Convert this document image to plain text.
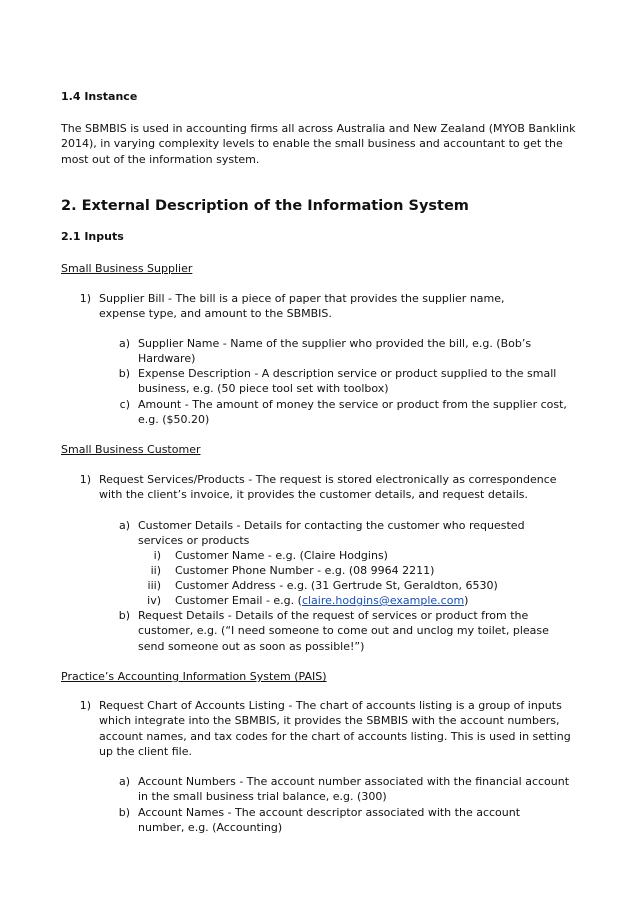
1.4 Instance

The SBMBIS is used in accounting firms all across Australia and New Zealand (MYOB Banklink 2014), in varying complexity levels to enable the small business and accountant to get the most out of the information system.

2. External Description of the Information System

2.1 Inputs

Small Business Supplier

1) Supplier Bill - The bill is a piece of paper that provides the supplier name, expense type, and amount to the SBMBIS.
a) Supplier Name - Name of the supplier who provided the bill, e.g. (Bob’s Hardware)
b) Expense Description - A description service or product supplied to the small business, e.g. (50 piece tool set with toolbox)
c) Amount - The amount of money the service or product from the supplier cost, e.g. ($50.20)

Small Business Customer

1) Request Services/Products - The request is stored electronically as correspondence with the client’s invoice, it provides the customer details, and request details.
a) Customer Details - Details for contacting the customer who requested services or products
i) Customer Name - e.g. (Claire Hodgins)
ii) Customer Phone Number - e.g. (08 9964 2211)
iii) Customer Address - e.g. (31 Gertrude St, Geraldton, 6530)
iv) Customer Email - e.g. (claire.hodgins@example.com)
b) Request Details - Details of the request of services or product from the customer, e.g. (“I need someone to come out and unclog my toilet, please send someone out as soon as possible!”)

Practice’s Accounting Information System (PAIS)

1) Request Chart of Accounts Listing - The chart of accounts listing is a group of inputs which integrate into the SBMBIS, it provides the SBMBIS with the account numbers, account names, and tax codes for the chart of accounts listing. This is used in setting up the client file.
a) Account Numbers - The account number associated with the financial account in the small business trial balance, e.g. (300)
b) Account Names - The account descriptor associated with the account number, e.g. (Accounting)
